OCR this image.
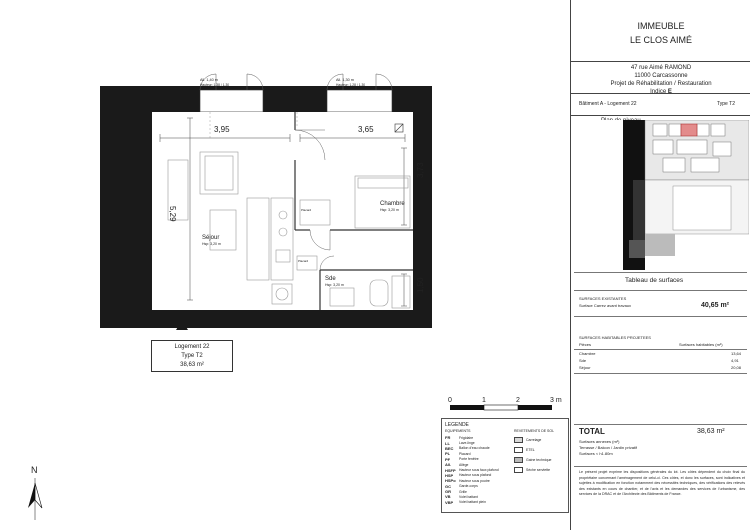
All. 1,40 m
Hauteur: 1,38 / 1,30
All. 1,30 m
Hauteur: 1,28 / 1,30
3,95	3,65
5,29
3,73
1,50
Séjour
Hsp: 3,20 m
Chambre
Hsp: 3,20 m
Sde
Hsp: 3,20 m
Placard
Placard
Logement 22
Type T2
38,63 m²
0	1	2	3 m
N
LEGENDE
EQUIPEMENTS
FR	Frigidaire
LL	Lave-linge
BEC	Ballon d'eau chaude
PL	Placard
PF	Porte fenêtre
All.	Allège
HSFP Hauteur sous faux plafond
HSP	Hauteur sous plafond
HSPo Hauteur sous poutre
GC	Garde-corps
GR	Grille
VB	Volet battant
VBP	Volet battant plein
REVETEMENTS DE SOL
Carrelage
ETEL
Gaine technique
Sèche serviette
IMMEUBLE
LE CLOS AIMÉ
47 rue Aimé RAMOND
11000 Carcassonne
Projet de Réhabilitation / Restauration
Indice E
Bâtiment A - Logement 22	Type T2
Tableau de surfaces
SURFACES EXISTANTES
Surface Carrez avant travaux	40,65 m²
SURFACES HABITABLES PROJETEES
Pièces	Surfaces habitables (m²)
Chambre	13,64
Sde	4,91
Séjour	20,08
TOTAL	38,63 m²
Surfaces annexes (m²)
Terrasse / Balcon / Jardin privatif
Surfaces < h1.80m
Le présent projet exprime les dispositions générales du lot. Les côtes dépendent du choix final du propriétaire concernant l'aménagement de celui-ci. Ces côtes, et donc les surfaces, sont indicatives et sujettes à modification en fonction notamment des nécessités techniques, des vérifications des relevés des existants en cours de chantier, et de l'avis et les demandes des services de l'urbanisme, des services de la DRAC et de l'Architecte des Bâtiments de France.
